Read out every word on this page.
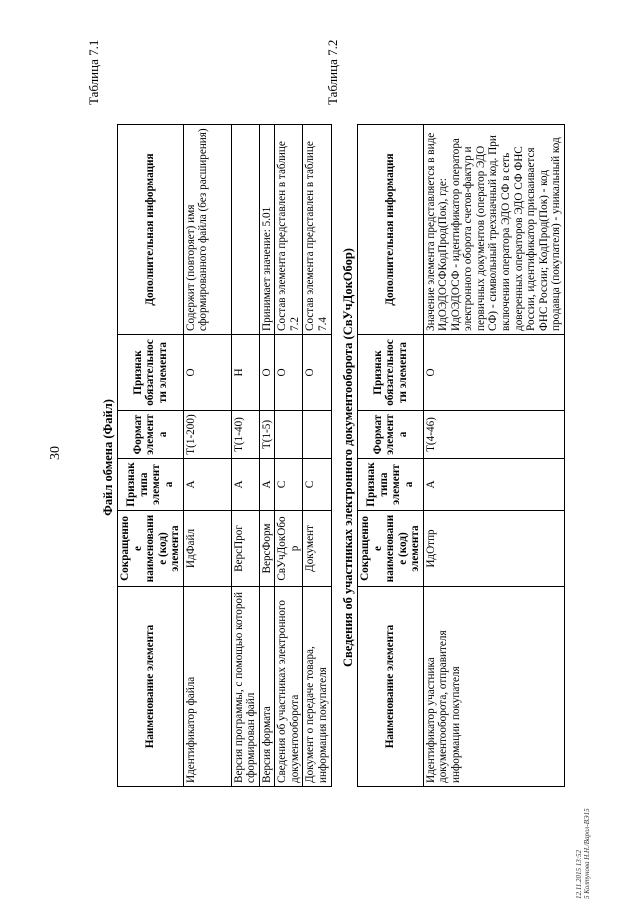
30
Таблица 7.1
Файл обмена (Файл)
Наименование элемента	Сокращенное наименование (код) элемента	Признак типа элемента	Формат элемента	Признак обязательности элемента	Дополнительная информация
Идентификатор файла	ИдФайл	А	Т(1-200)	О	Содержит (повторяет) имя сформированного файла (без расширения)
Версия программы, с помощью которой сформирован файл	ВерсПрог	А	Т(1-40)	Н	
Версия формата	ВерсФорм	А	Т(1-5)	О	Принимает значение: 5.01
Сведения об участниках электронного документооборота	СвУчДокОбор	С		О	Состав элемента представлен в таблице 7.2
Документ о передаче товара, информация покупателя	Документ	С		О	Состав элемента представлен в таблице 7.4
Таблица 7.2
Сведения об участниках электронного документооборота (СвУчДокОбор)
Наименование элемента	Сокращенное наименование (код) элемента	Признак типа элемента	Формат элемента	Признак обязательности элемента	Дополнительная информация
Идентификатор участника документооборота, отправителя информации покупателя	ИдОтпр	А	Т(4-46)	О	Значение элемента представляется в виде ИдОЭДОСФКодПрод(Пок), где: ИдОЭДОСФ - идентификатор оператора электронного оборота счетов-фактур и первичных документов (оператор ЭДО СФ) - символьный трехзначный код. При включении оператора ЭДО СФ в сеть доверенных операторов ЭДО СФ ФНС России, идентификатор присваивается ФНС России; КодПрод(Пок) - код продавца (покупателя) - уникальный код
12.11.2015 13:52 5 Колтунова Н.Н./Варол-ВЭ15
